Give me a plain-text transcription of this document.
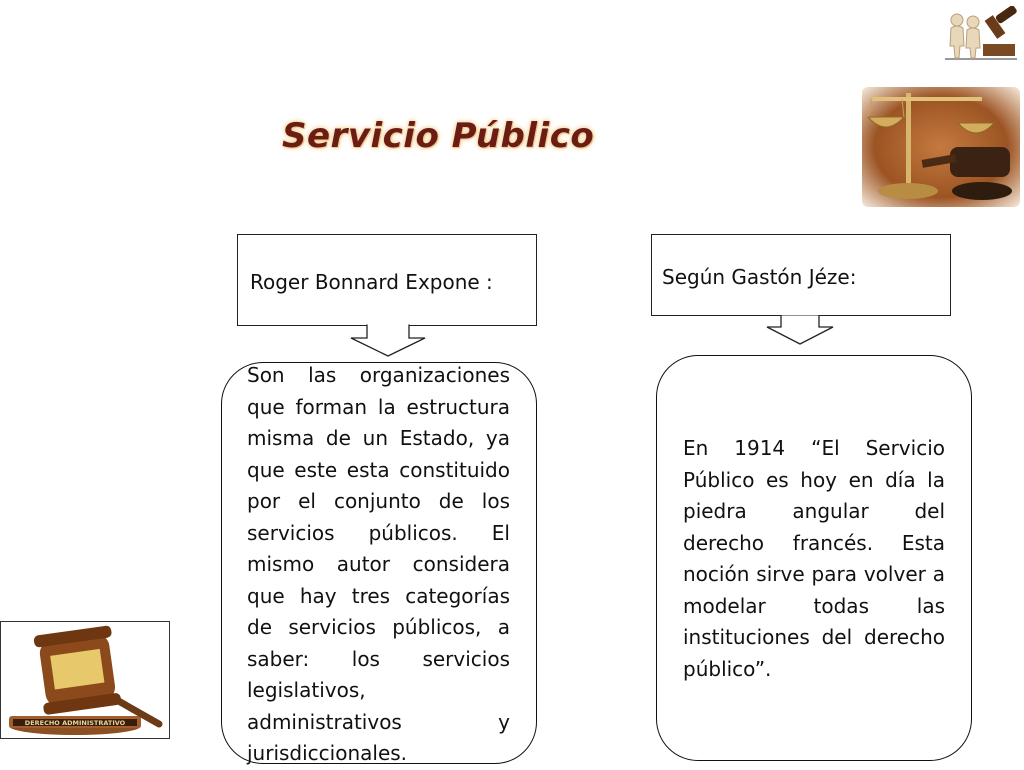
Servicio Público
Roger Bonnard Expone :	Según Gastón Jéze:
Son las organizaciones que forman la estructura misma de un Estado, ya que este esta constituido por el conjunto de los servicios públicos. El mismo autor considera que hay tres categorías de servicios públicos, a saber: los servicios legislativos, administrativos y jurisdiccionales.
En 1914 “El Servicio Público es hoy en día la piedra angular del derecho francés. Esta noción sirve para volver a modelar todas las instituciones del derecho público”.
DERECHO ADMINISTRATIVO
